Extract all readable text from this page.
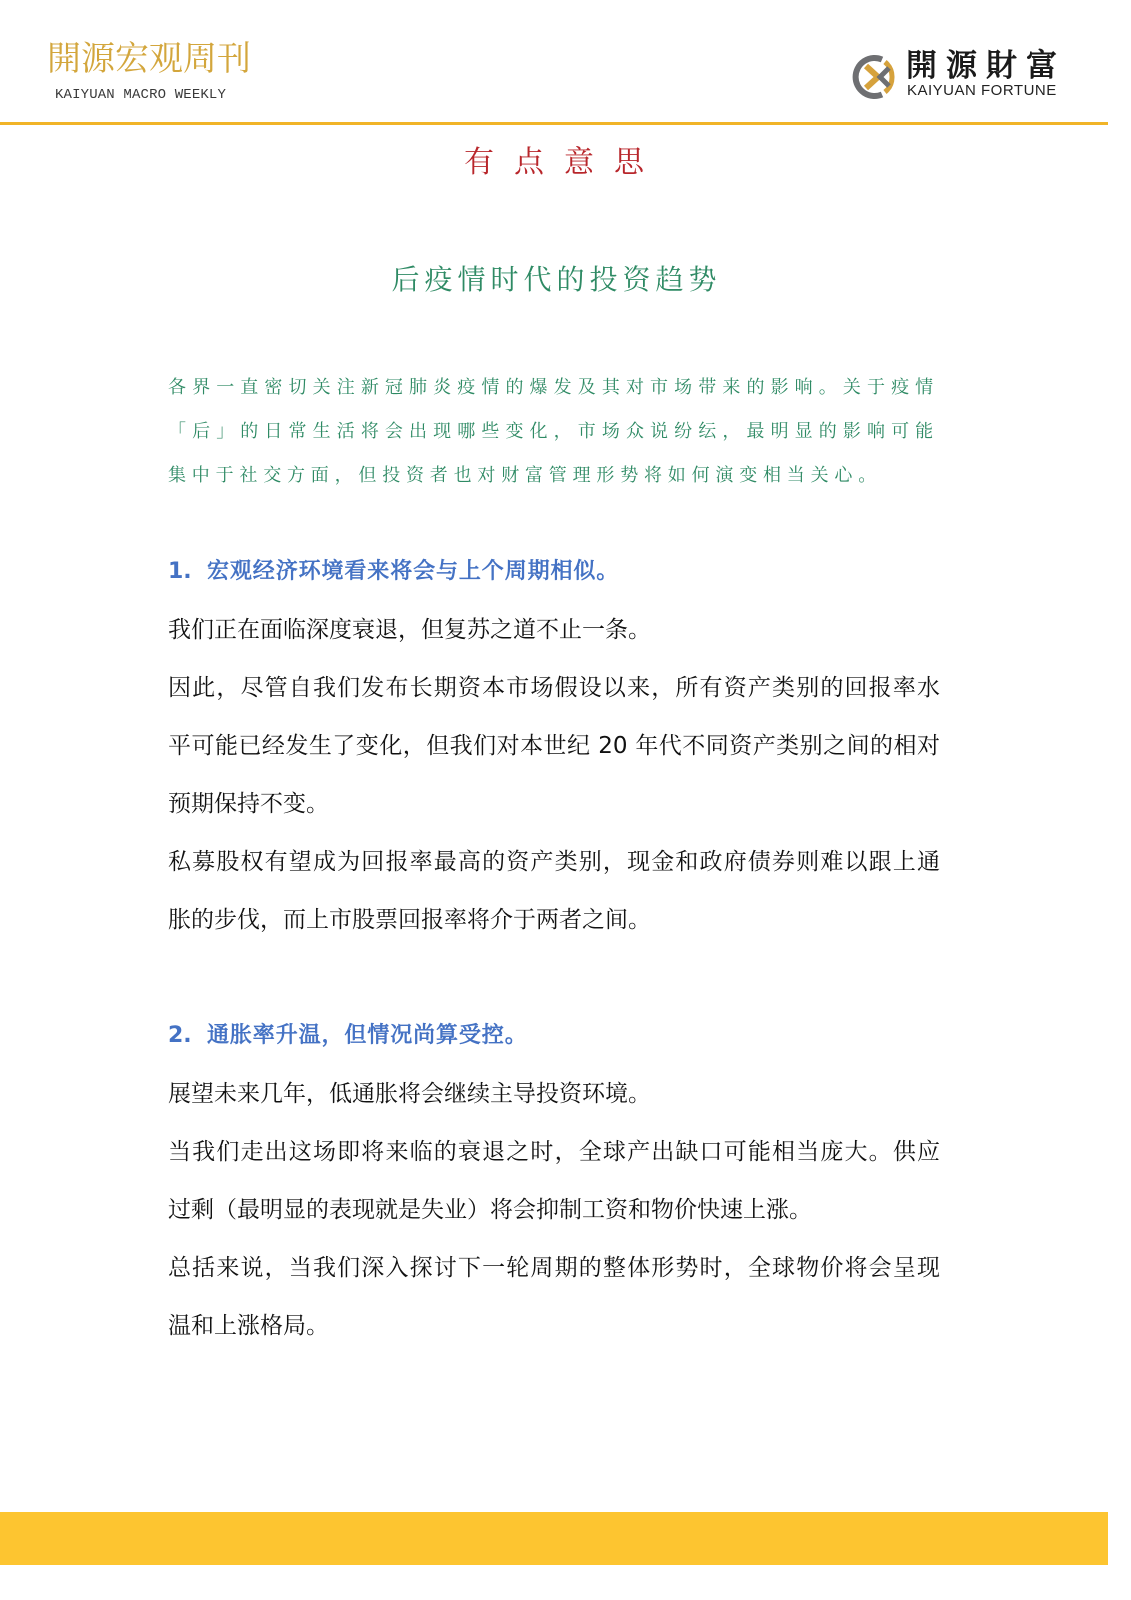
開源宏观周刊
KAIYUAN MACRO WEEKLY
開源財富
KAIYUAN FORTUNE
有点意思
后疫情时代的投资趋势
各界一直密切关注新冠肺炎疫情的爆发及其对市场带来的影响。关于疫情
「后」的日常生活将会出现哪些变化，市场众说纷纭，最明显的影响可能
集中于社交方面，但投资者也对财富管理形势将如何演变相当关心。
1. 宏观经济环境看来将会与上个周期相似。
我们正在面临深度衰退，但复苏之道不止一条。
因此，尽管自我们发布长期资本市场假设以来，所有资产类别的回报率水
平可能已经发生了变化，但我们对本世纪 20 年代不同资产类别之间的相对
预期保持不变。
私募股权有望成为回报率最高的资产类别，现金和政府债券则难以跟上通
胀的步伐，而上市股票回报率将介于两者之间。
2. 通胀率升温，但情况尚算受控。
展望未来几年，低通胀将会继续主导投资环境。
当我们走出这场即将来临的衰退之时，全球产出缺口可能相当庞大。供应
过剩（最明显的表现就是失业）将会抑制工资和物价快速上涨。
总括来说，当我们深入探讨下一轮周期的整体形势时，全球物价将会呈现
温和上涨格局。
